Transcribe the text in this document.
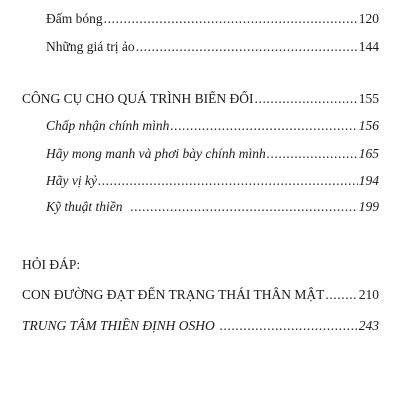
Đấm bóng .....	120
Những giá trị ảo .....	144
CÔNG CỤ CHO QUÁ TRÌNH BIẾN ĐỔI .....	155
Chấp nhận chính mình .....	156
Hãy mong manh và phơi bày chính mình .....	165
Hãy vị kỷ .....	194
Kỹ thuật thiền .....	199
HỎI ĐÁP:
CON ĐƯỜNG ĐẠT ĐẾN TRẠNG THÁI THÂN MẬT .....	210
TRUNG TÂM THIỀN ĐỊNH OSHO .....	243
